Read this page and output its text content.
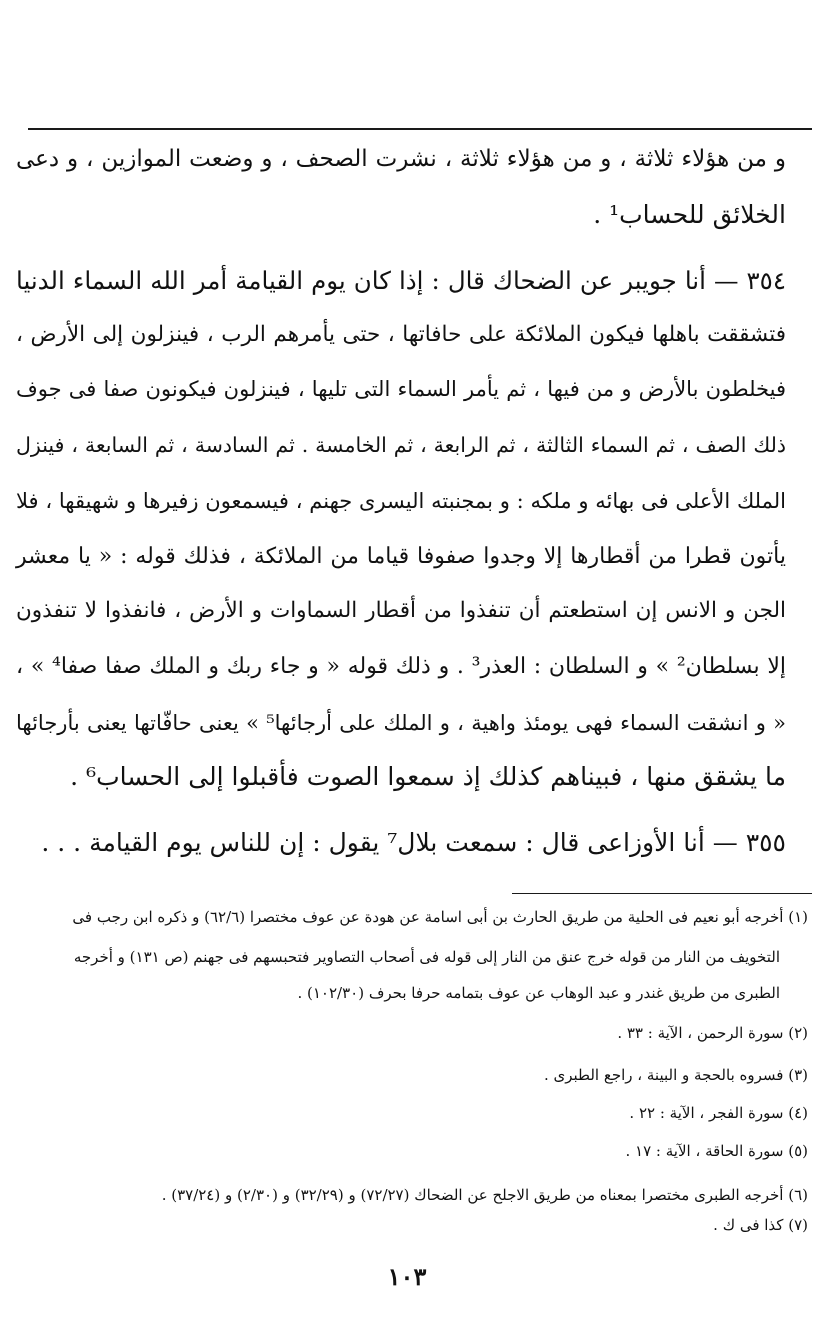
و من هؤلاء ثلاثة ، و من هؤلاء ثلاثة ، نشرت الصحف ، و وضعت الموازين ، و دعى
الخلائق للحساب¹ .
٣٥٤ — أنا جويبر عن الضحاك قال : إذا كان يوم القيامة أمر الله السماء الدنيا
فتشققت باهلها فيكون الملائكة على حافاتها ، حتى يأمرهم الرب ، فينزلون إلى الأرض ،
فيخلطون بالأرض و من فيها ، ثم يأمر السماء التى تليها ، فينزلون فيكونون صفا فى جوف
ذلك الصف ، ثم السماء الثالثة ، ثم الرابعة ، ثم الخامسة . ثم السادسة ، ثم السابعة ، فينزل
الملك الأعلى فى بهائه و ملكه : و بمجنبته اليسرى جهنم ، فيسمعون زفيرها و شهيقها ، فلا
يأتون قطرا من أقطارها إلا وجدوا صفوفا قياما من الملائكة ، فذلك قوله : « يا معشر
الجن و الانس إن استطعتم أن تنفذوا من أقطار السماوات و الأرض ، فانفذوا لا تنفذون
إلا بسلطان² » و السلطان : العذر³ . و ذلك قوله « و جاء ربك و الملك صفا صفا⁴ » ،
« و انشقت السماء فهى يومئذ واهية ، و الملك على أرجائها⁵ » يعنى حافّاتها يعنى بأرجائها
ما يشقق منها ، فبيناهم كذلك إذ سمعوا الصوت فأقبلوا إلى الحساب⁶ .
٣٥٥ — أنا الأوزاعى قال : سمعت بلال⁷ يقول : إن للناس يوم القيامة . . .
(١) أخرجه أبو نعيم فى الحلية من طريق الحارث بن أبى اسامة عن هودة عن عوف مختصرا (٦٢/٦) و ذكره ابن رجب فى
التخويف من النار من قوله خرج عنق من النار إلى قوله فى أصحاب التصاوير فتحبسهم فى جهنم (ص ١٣١) و أخرجه
الطبرى من طريق غندر و عبد الوهاب عن عوف بتمامه حرفا بحرف (١٠٢/٣٠) .
(٢) سورة الرحمن ، الآية : ٣٣ .
(٣) فسروه بالحجة و البينة ، راجع الطبرى .
(٤) سورة الفجر ، الآية : ٢٢ .
(٥) سورة الحاقة ، الآية : ١٧ .
(٦) أخرجه الطبرى مختصرا بمعناه من طريق الاجلح عن الضحاك (٧٢/٢٧) و (٣٢/٢٩) و (٢/٣٠) و (٣٧/٢٤) .
(٧) كذا فى ك .
١٠٣
